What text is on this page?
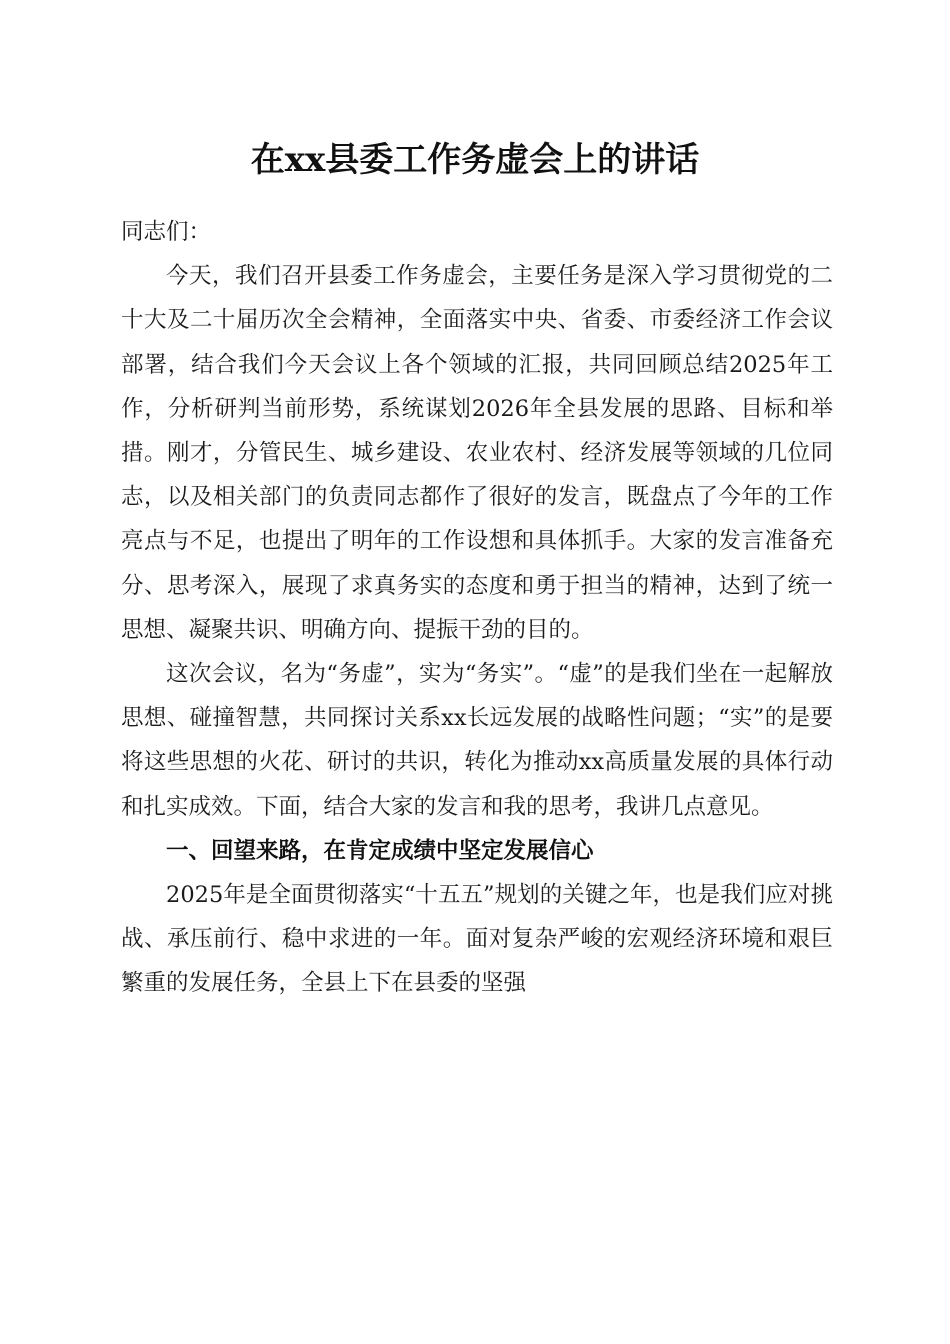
在xx县委工作务虚会上的讲话

同志们：

今天，我们召开县委工作务虚会，主要任务是深入学习贯彻党的二十大及二十届历次全会精神，全面落实中央、省委、市委经济工作会议部署，结合我们今天会议上各个领域的汇报，共同回顾总结2025年工作，分析研判当前形势，系统谋划2026年全县发展的思路、目标和举措。刚才，分管民生、城乡建设、农业农村、经济发展等领域的几位同志，以及相关部门的负责同志都作了很好的发言，既盘点了今年的工作亮点与不足，也提出了明年的工作设想和具体抓手。大家的发言准备充分、思考深入，展现了求真务实的态度和勇于担当的精神，达到了统一思想、凝聚共识、明确方向、提振干劲的目的。

这次会议，名为“务虚”，实为“务实”。“虚”的是我们坐在一起解放思想、碰撞智慧，共同探讨关系xx长远发展的战略性问题；“实”的是要将这些思想的火花、研讨的共识，转化为推动xx高质量发展的具体行动和扎实成效。下面，结合大家的发言和我的思考，我讲几点意见。

一、回望来路，在肯定成绩中坚定发展信心

2025年是全面贯彻落实“十五五”规划的关键之年，也是我们应对挑战、承压前行、稳中求进的一年。面对复杂严峻的宏观经济环境和艰巨繁重的发展任务，全县上下在县委的坚强
